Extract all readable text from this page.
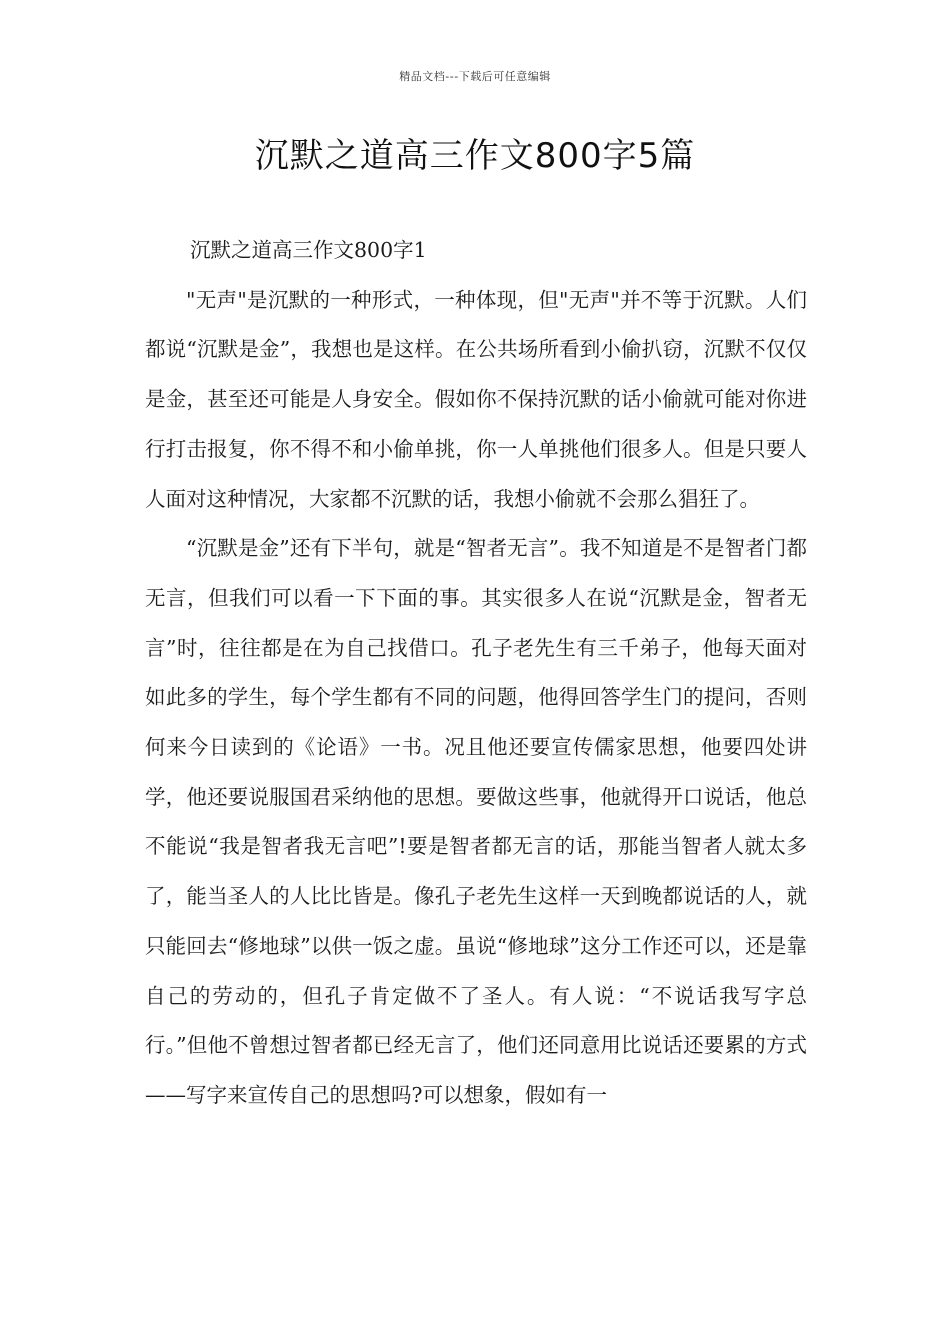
精品文档---下载后可任意编辑
沉默之道高三作文800字5篇
沉默之道高三作文800字1

"无声"是沉默的一种形式，一种体现，但"无声"并不等于沉默。人们都说“沉默是金”，我想也是这样。在公共场所看到小偷扒窃，沉默不仅仅是金，甚至还可能是人身安全。假如你不保持沉默的话小偷就可能对你进行打击报复，你不得不和小偷单挑，你一人单挑他们很多人。但是只要人人面对这种情况，大家都不沉默的话，我想小偷就不会那么猖狂了。

“沉默是金”还有下半句，就是“智者无言”。我不知道是不是智者门都无言，但我们可以看一下下面的事。其实很多人在说“沉默是金，智者无言”时，往往都是在为自己找借口。孔子老先生有三千弟子，他每天面对如此多的学生，每个学生都有不同的问题，他得回答学生门的提问，否则何来今日读到的《论语》一书。况且他还要宣传儒家思想，他要四处讲学，他还要说服国君采纳他的思想。要做这些事，他就得开口说话，他总不能说“我是智者我无言吧”!要是智者都无言的话，那能当智者人就太多了，能当圣人的人比比皆是。像孔子老先生这样一天到晚都说话的人，就只能回去“修地球”以供一饭之虚。虽说“修地球”这分工作还可以，还是靠自己的劳动的，但孔子肯定做不了圣人。有人说：“不说话我写字总行。”但他不曾想过智者都已经无言了，他们还同意用比说话还要累的方式——写字来宣传自己的思想吗?可以想象，假如有一
